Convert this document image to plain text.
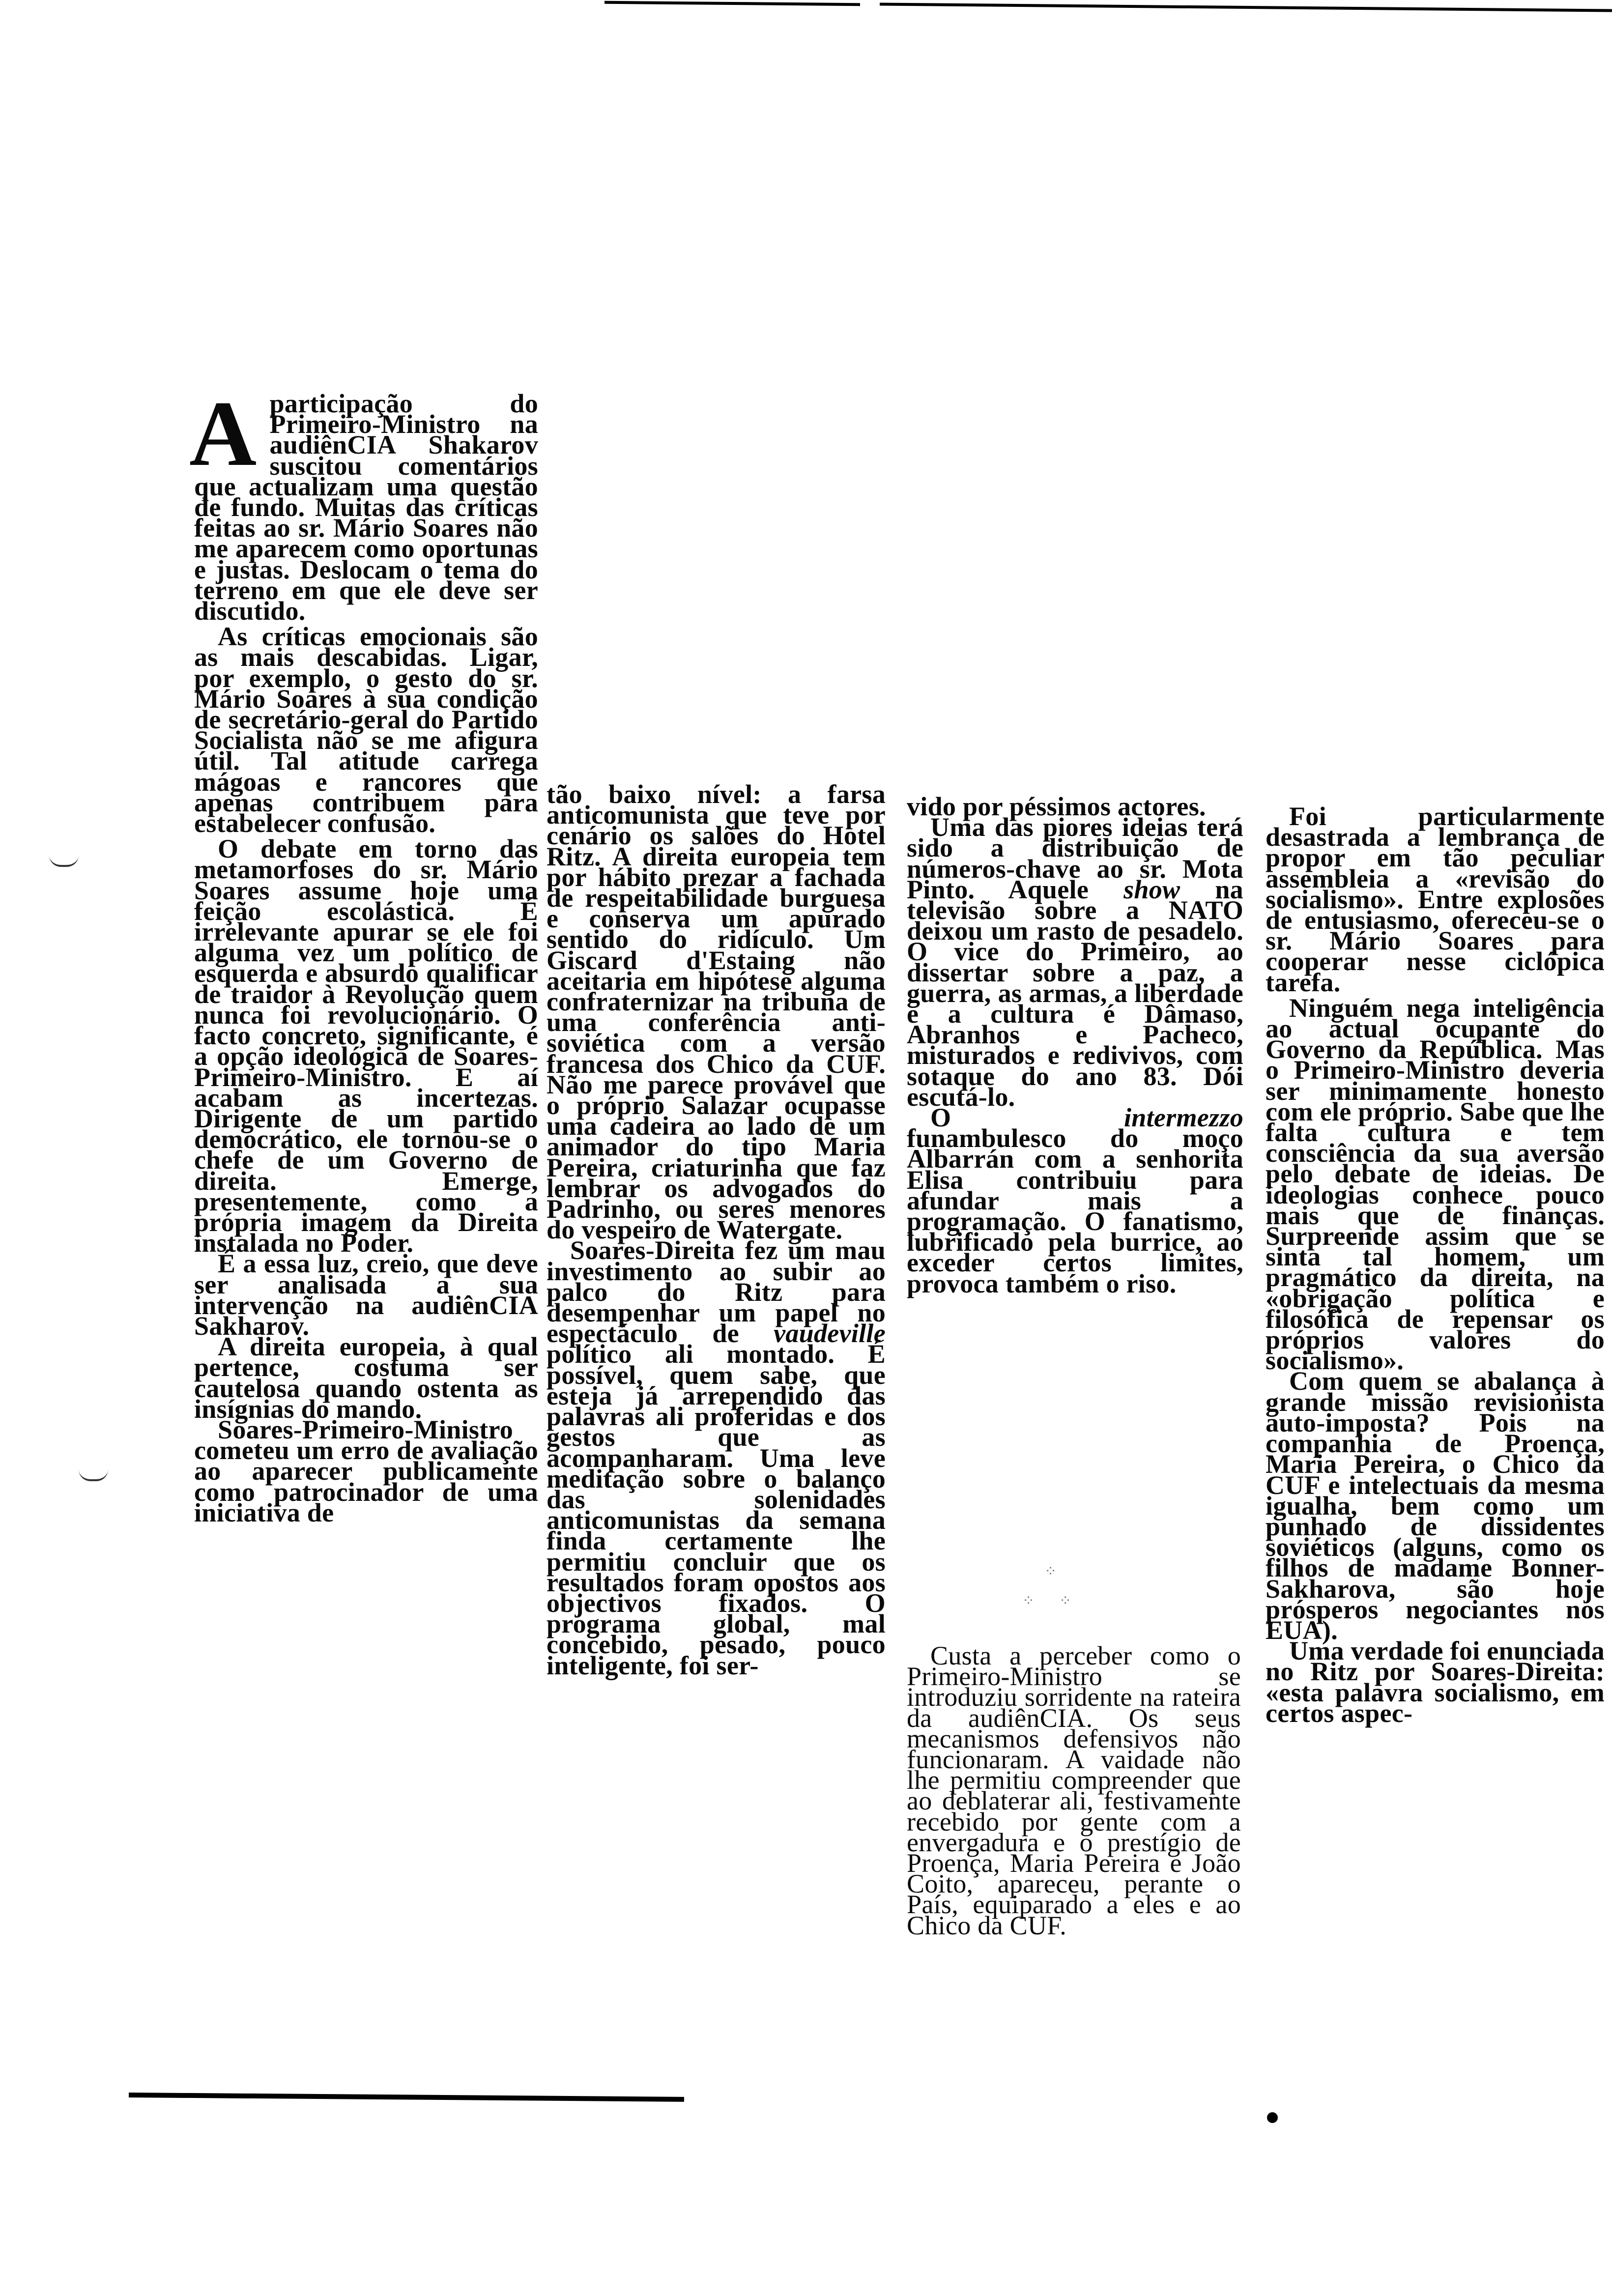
Aparticipação do Primeiro-Ministro na audiênCIA Shakarov suscitou comentários que actualizam uma questão de fundo. Muitas das críticas feitas ao sr. Mário Soares não me aparecem como oportunas e justas. Deslocam o tema do terreno em que ele deve ser discutido.

As críticas emocionais são as mais descabidas. Ligar, por exemplo, o gesto do sr. Mário Soares à sua condição de secretário-geral do Partido Socialista não se me afigura útil. Tal atitude carrega mágoas e rancores que apenas contribuem para estabelecer confusão.

O debate em torno das metamorfoses do sr. Mário Soares assume hoje uma feição escolástica. É irrelevante apurar se ele foi alguma vez um político de esquerda e absurdo qualificar de traidor à Revolução quem nunca foi revolucionário. O facto concreto, significante, é a opção ideológica de Soares-Primeiro-Ministro. E aí acabam as incertezas. Dirigente de um partido democrático, ele tornou-se o chefe de um Governo de direita. Emerge, presentemente, como a própria imagem da Direita instalada no Poder.

É a essa luz, creio, que deve ser analisada a sua intervenção na audiênCIA Sakharov.

A direita europeia, à qual pertence, costuma ser cautelosa quando ostenta as insígnias do mando.

Soares-Primeiro-Ministro cometeu um erro de avaliação ao aparecer publicamente como patrocinador de uma iniciativa de

tão baixo nível: a farsa anticomunista que teve por cenário os salões do Hotel Ritz. A direita europeia tem por hábito prezar a fachada de respeitabilidade burguesa e conserva um apurado sentido do ridículo. Um Giscard d'Estaing não aceitaria em hipótese alguma confraternizar na tribuna de uma conferência anti-soviética com a versão francesa dos Chico da CUF. Não me parece provável que o próprio Salazar ocupasse uma cadeira ao lado de um animador do tipo Maria Pereira, criaturinha que faz lembrar os advogados do Padrinho, ou seres menores do vespeiro de Watergate.

Soares-Direita fez um mau investimento ao subir ao palco do Ritz para desempenhar um papel no espectáculo de vaudeville político ali montado. É possível, quem sabe, que esteja já arrependido das palavras ali proferidas e dos gestos que as acompanharam. Uma leve meditação sobre o balanço das solenidades anticomunistas da semana finda certamente lhe permitiu concluir que os resultados foram opostos aos objectivos fixados. O programa global, mal concebido, pesado, pouco inteligente, foi ser-

vido por péssimos actores.

Uma das piores ideias terá sido a distribuição de números-chave ao sr. Mota Pinto. Aquele show na televisão sobre a NATO deixou um rasto de pesadelo. O vice do Primeiro, ao dissertar sobre a paz, a guerra, as armas, a liberdade e a cultura é Dâmaso, Abranhos e Pacheco, misturados e redivivos, com sotaque do ano 83. Dói escutá-lo.

O	intermezzo funambulesco do moço Albarrán com a senhorita Elisa contribuiu para afundar mais a programação. O fanatismo, lubrificado pela burrice, ao exceder certos limites, provoca também o riso.

⁘
⁘ ⁘

Custa a perceber como o Primeiro-Ministro se introduziu sorridente na rateira da audiênCIA. Os seus mecanismos defensivos não funcionaram. A vaidade não lhe permitiu compreender que ao deblaterar ali, festivamente recebido por gente com a envergadura e o prestígio de Proença, Maria Pereira e João Coito, apareceu, perante o País, equiparado a eles e ao Chico da CUF.

Foi particularmente desastrada a lembrança de propor em tão peculiar assembleia a «revisão do socialismo». Entre explosões de entusiasmo, ofereceu-se o sr. Mário Soares para cooperar nesse ciclópica tarefa.

Ninguém nega inteligência ao actual ocupante do Governo da República. Mas o Primeiro-Ministro deveria ser minimamente honesto com ele próprio. Sabe que lhe falta cultura e tem consciência da sua aversão pelo debate de ideias. De ideologias conhece pouco mais que de finanças. Surpreende assim que se sinta tal homem, um pragmático da direita, na «obrigação política e filosófica de repensar os próprios valores do socialismo».

Com quem se abalança à grande missão revisionista auto-imposta? Pois na companhia de Proença, Maria Pereira, o Chico da CUF e intelectuais da mesma igualha, bem como um punhado de dissidentes soviéticos (alguns, como os filhos de madame Bonner-Sakharova, são hoje prósperos negociantes nos EUA).

Uma verdade foi enunciada no Ritz por Soares-Direita: «esta palavra socialismo, em certos aspec-
